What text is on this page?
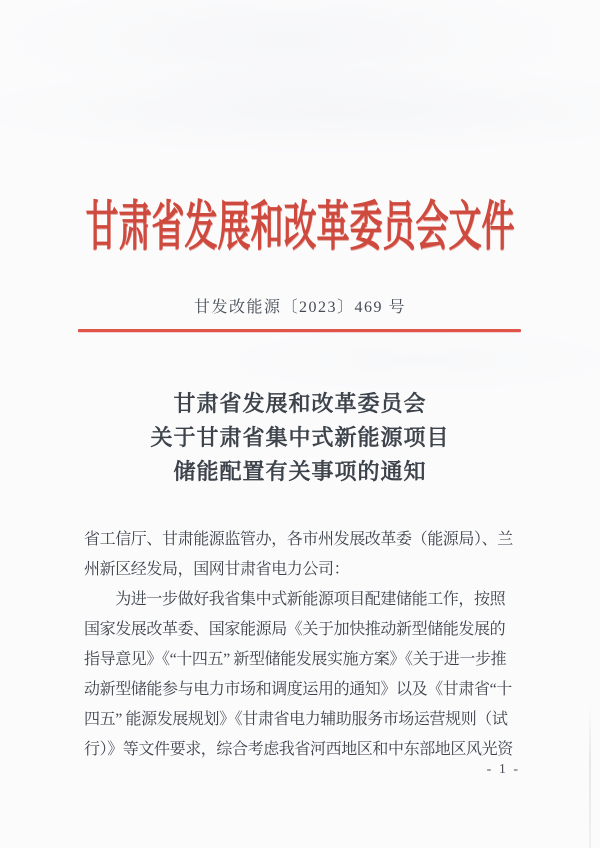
甘肃省发展和改革委员会文件
甘发改能源〔2023〕469 号
甘肃省发展和改革委员会
关于甘肃省集中式新能源项目
储能配置有关事项的通知
省工信厅、甘肃能源监管办，各市州发展改革委（能源局）、兰
州新区经发局，国网甘肃省电力公司：
　　为进一步做好我省集中式新能源项目配建储能工作，按照
国家发展改革委、国家能源局《关于加快推动新型储能发展的
指导意见》《“十四五” 新型储能发展实施方案》《关于进一步推
动新型储能参与电力市场和调度运用的通知》以及《甘肃省“十
四五” 能源发展规划》《甘肃省电力辅助服务市场运营规则（试
行）》等文件要求，综合考虑我省河西地区和中东部地区风光资
- 1 -
